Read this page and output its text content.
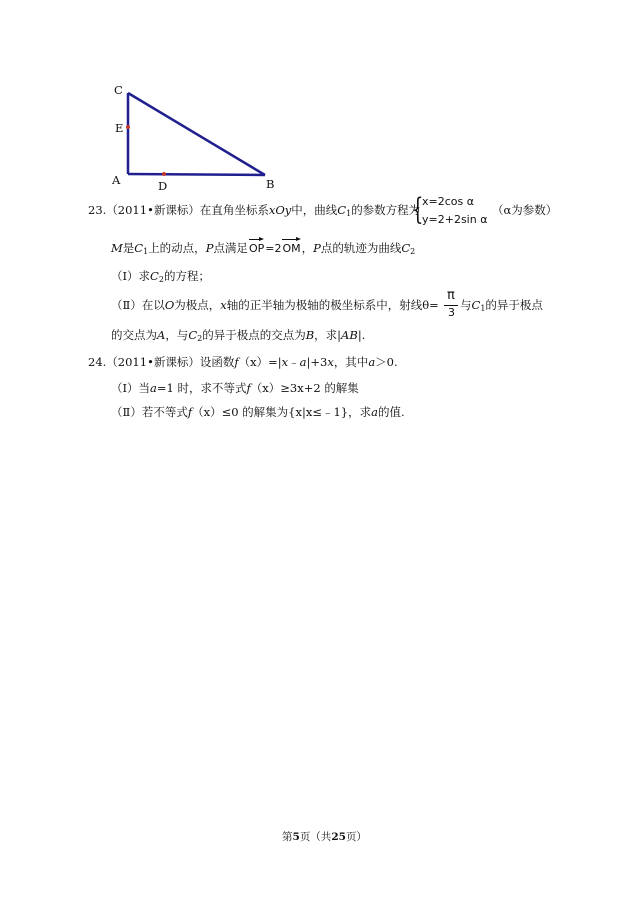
C
E
A	D	B
23.（2011•新课标）在直角坐标系xOy中，曲线$C_1$的参数方程为
{
x=2cos α
y=2+2sin α
（α为参数）
M是$C_1$上的动点，P点满足OP=2OM，P点的轨迹为曲线$C_2$
（Ⅰ）求$C_2$的方程；
（Ⅱ）在以O为极点，x轴的正半轴为极轴的极坐标系中，射线θ=
π
3
与$C_1$的异于极点
的交点为A，与$C_2$的异于极点的交点为B，求|AB|.
24.（2011•新课标）设函数f（x）=|x﹣a|+3x，其中a＞0.
（Ⅰ）当a=1 时，求不等式f（x）≥3x+2 的解集
（Ⅱ）若不等式f（x）≤0 的解集为{x|x≤﹣1}，求a的值.
第5页（共25页）
